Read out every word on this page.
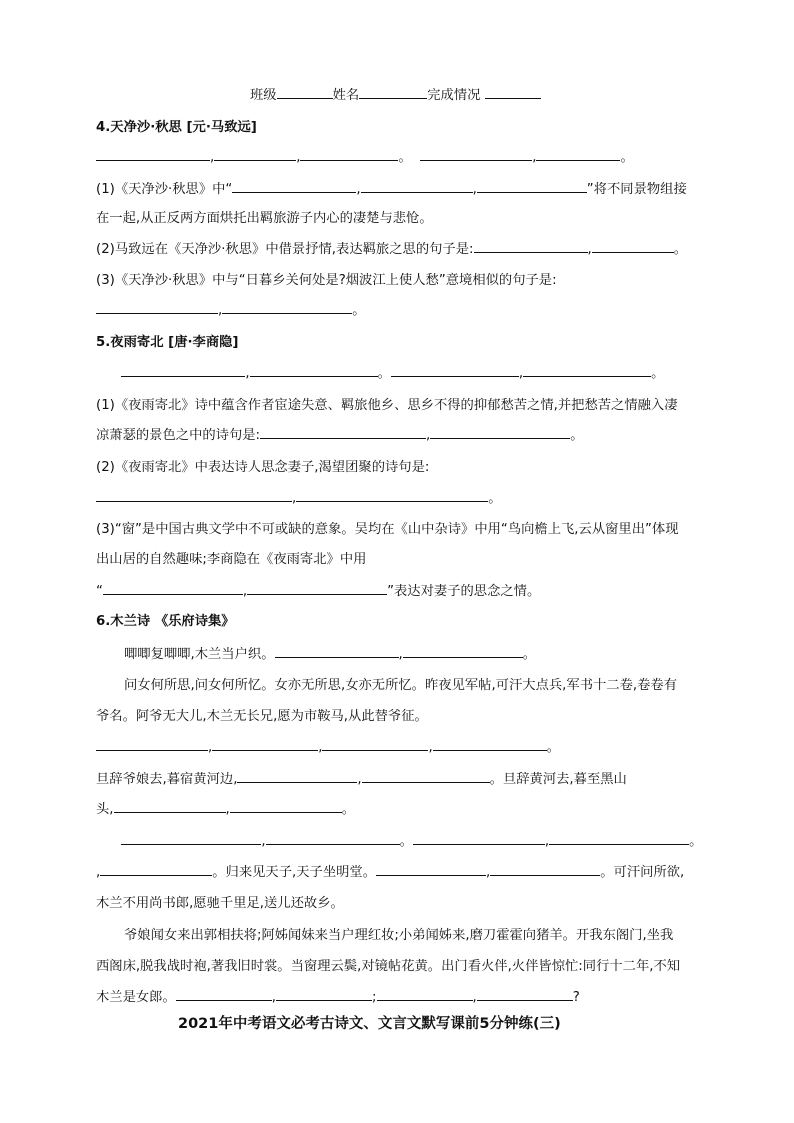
班级	姓名	完成情况
4.天净沙·秋思 [元·马致远]
,	,	。	,	。
(1)《天净沙·秋思》中“	,	,	”将不同景物组接
在一起,从正反两方面烘托出羁旅游子内心的凄楚与悲怆。
(2)马致远在《天净沙·秋思》中借景抒情,表达羁旅之思的句子是:	,	。
(3)《天净沙·秋思》中与“日暮乡关何处是?烟波江上使人愁”意境相似的句子是:
,	。
5.夜雨寄北 [唐·李商隐]
,	。	,	。
(1)《夜雨寄北》诗中蕴含作者宦途失意、羁旅他乡、思乡不得的抑郁愁苦之情,并把愁苦之情融入凄
凉萧瑟的景色之中的诗句是:	,	。
(2)《夜雨寄北》中表达诗人思念妻子,渴望团聚的诗句是:
,	。
(3)“窗”是中国古典文学中不可或缺的意象。吴均在《山中杂诗》中用“鸟向檐上飞,云从窗里出”体现
出山居的自然趣味;李商隐在《夜雨寄北》中用
“	,	”表达对妻子的思念之情。
6.木兰诗 《乐府诗集》
唧唧复唧唧,木兰当户织。	,	。
问女何所思,问女何所忆。女亦无所思,女亦无所忆。昨夜见军帖,可汗大点兵,军书十二卷,卷卷有
爷名。阿爷无大儿,木兰无长兄,愿为市鞍马,从此替爷征。
,	,	,	。
旦辞爷娘去,暮宿黄河边,	,	。旦辞黄河去,暮至黑山
头,	,	。
,	。	,	。
,	。归来见天子,天子坐明堂。	,	。可汗问所欲,
木兰不用尚书郎,愿驰千里足,送儿还故乡。
爷娘闻女来出郭相扶将;阿姊闻妹来当户理红妆;小弟闻姊来,磨刀霍霍向猪羊。开我东阁门,坐我
西阁床,脱我战时袍,著我旧时裳。当窗理云鬓,对镜帖花黄。出门看火伴,火伴皆惊忙:同行十二年,不知
木兰是女郎。	,	;	,	?
2021年中考语文必考古诗文、文言文默写课前5分钟练(三)
